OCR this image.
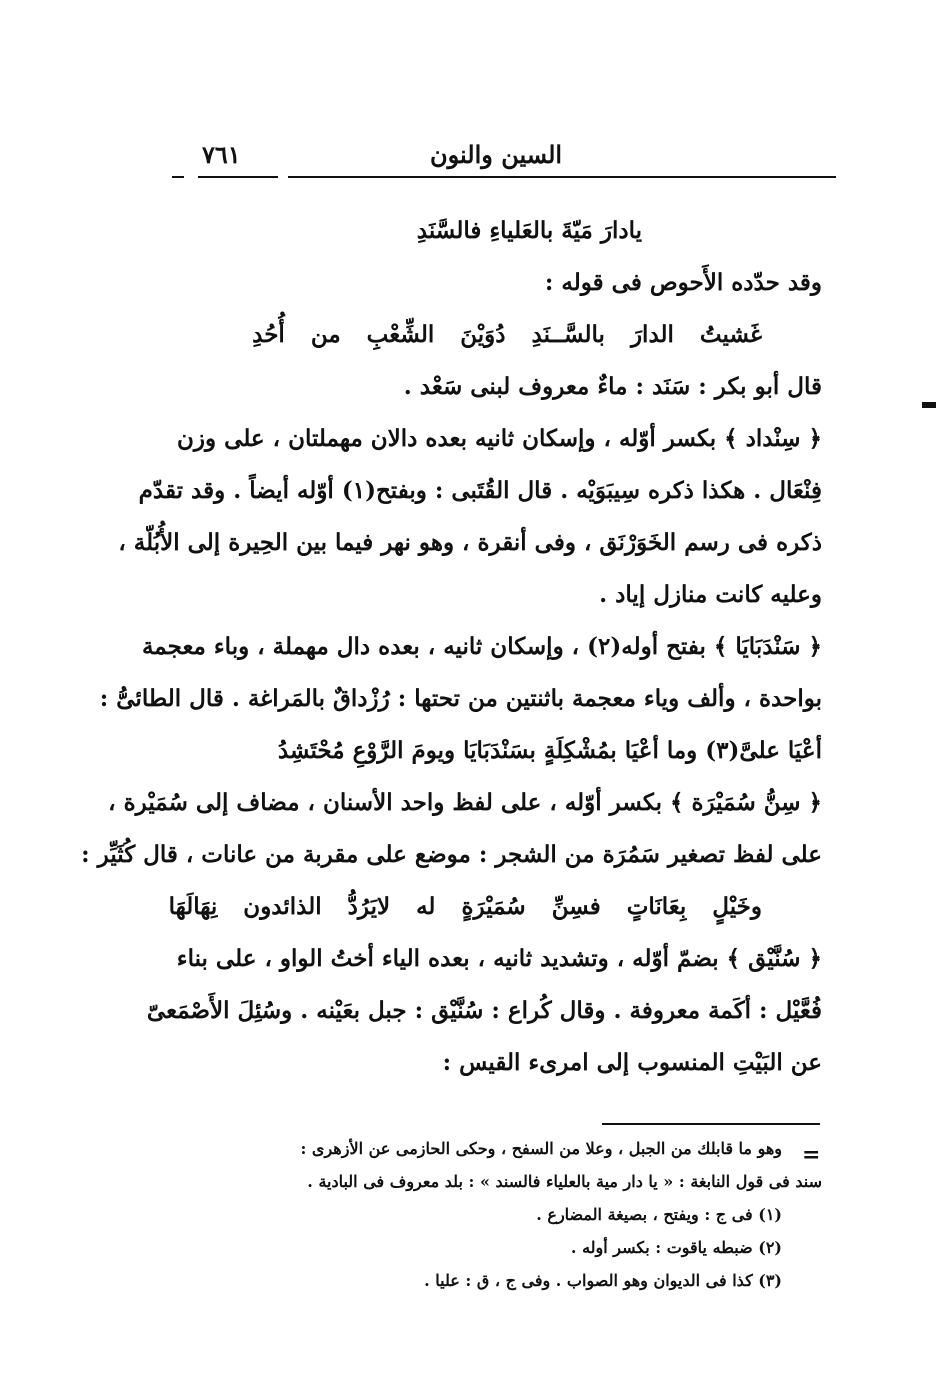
٧٦١	السين والنون
يادارَ مَيّةَ بالعَلياءِ فالسَّنَدِ
وقد حدّده الأَحوص فى قوله :
غَشيتُ الدارَ بالسَّــنَدِ دُوَيْنَ الشِّعْبِ من أُحُدِ
قال أبو بكر : سَنَد : ماءٌ معروف لبنى سَعْد .
﴿ سِنْداد ﴾ بكسر أوّله ، وإسكان ثانيه بعده دالان مهملتان ، على وزن
فِنْعَال . هكذا ذكره سِيبَوَيْه . قال القُتَبى : وبفتح(١) أوّله أيضاً . وقد تقدّم
ذكره فى رسم الخَوَرْنَق ، وفى أنقرة ، وهو نهر فيما بين الحِيرة إلى الأُبُلّة ،
وعليه كانت منازل إياد .
﴿ سَنْدَبَايَا ﴾ بفتح أوله(٢) ، وإسكان ثانيه ، بعده دال مهملة ، وباء معجمة
بواحدة ، وألف وياء معجمة باثنتين من تحتها : رُزْداقٌ بالمَراغة . قال الطائىُّ :
أعْيَا علىَّ(٣) وما أعْيَا بمُشْكِلَةٍ بسَنْدَبَايَا ويومَ الرَّوْعِ مُحْتَشِدُ
﴿ سِنُّ سُمَيْرَة ﴾ بكسر أوّله ، على لفظ واحد الأسنان ، مضاف إلى سُمَيْرة ،
على لفظ تصغير سَمُرَة من الشجر : موضع على مقربة من عانات ، قال كُثَيِّر :
وخَيْلٍ بِعَانَاتٍ فسِنِّ سُمَيْرَةٍ له لايَرُدُّ الذائدون نِهَالَهَا
﴿ سُنَّيْق ﴾ بضمّ أوّله ، وتشديد ثانيه ، بعده الياء أختُ الواو ، على بناء
فُعَّيْل : أكَمة معروفة . وقال كُراع : سُنَّيْق : جبل بعَيْنه . وسُئِلَ الأَصْمَعىّ
عن البَيْتِ المنسوب إلى امرىء القيس :
=
وهو ما قابلك من الجبل ، وعلا من السفح ، وحكى الحازمى عن الأزهرى :
سند فى قول النابغة : « يا دار مية بالعلياء فالسند » : بلد معروف فى البادية .
(١) فى ج : ويفتح ، بصيغة المضارع .
(٢) ضبطه ياقوت : بكسر أوله .
(٣) كذا فى الديوان وهو الصواب . وفى ج ، ق : عليا .
